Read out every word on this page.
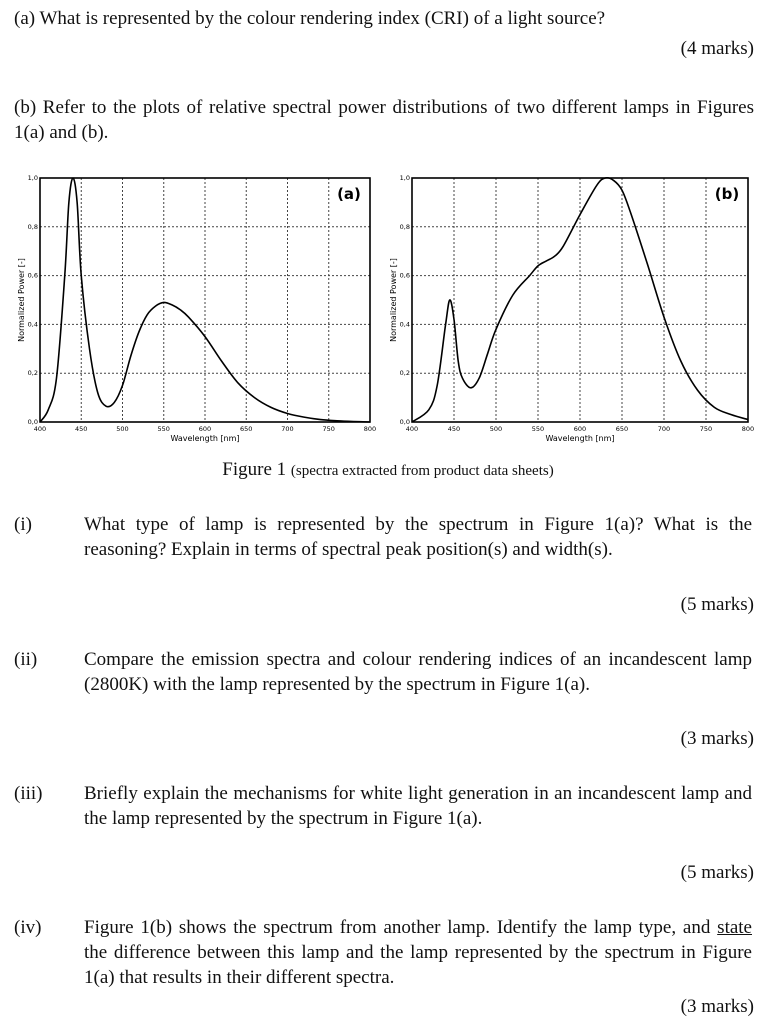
(a) What is represented by the colour rendering index (CRI) of a light source?
(4 marks)
(b) Refer to the plots of relative spectral power distributions of two different lamps in Figures 1(a) and (b).
400	450	500	550	600	650	700	750	800
0,0
0,2
0,4
0,6
0,8
1,0
Wavelength [nm]
Normalized Power [-]
(a)
400	450	500	550	600	650	700	750	800
0,0
0,2
0,4
0,6
0,8
1,0
Wavelength [nm]
Normalized Power [-]
(b)
Figure 1 (spectra extracted from product data sheets)
(i)	What type of lamp is represented by the spectrum in Figure 1(a)? What is the reasoning? Explain in terms of spectral peak position(s) and width(s).
(5 marks)
(ii) Compare the emission spectra and colour rendering indices of an incandescent lamp (2800K) with the lamp represented by the spectrum in Figure 1(a).
(3 marks)
(iii) Briefly explain the mechanisms for white light generation in an incandescent lamp and the lamp represented by the spectrum in Figure 1(a).
(5 marks)
(iv) Figure 1(b) shows the spectrum from another lamp. Identify the lamp type, and state the difference between this lamp and the lamp represented by the spectrum in Figure 1(a) that results in their different spectra.
(3 marks)
